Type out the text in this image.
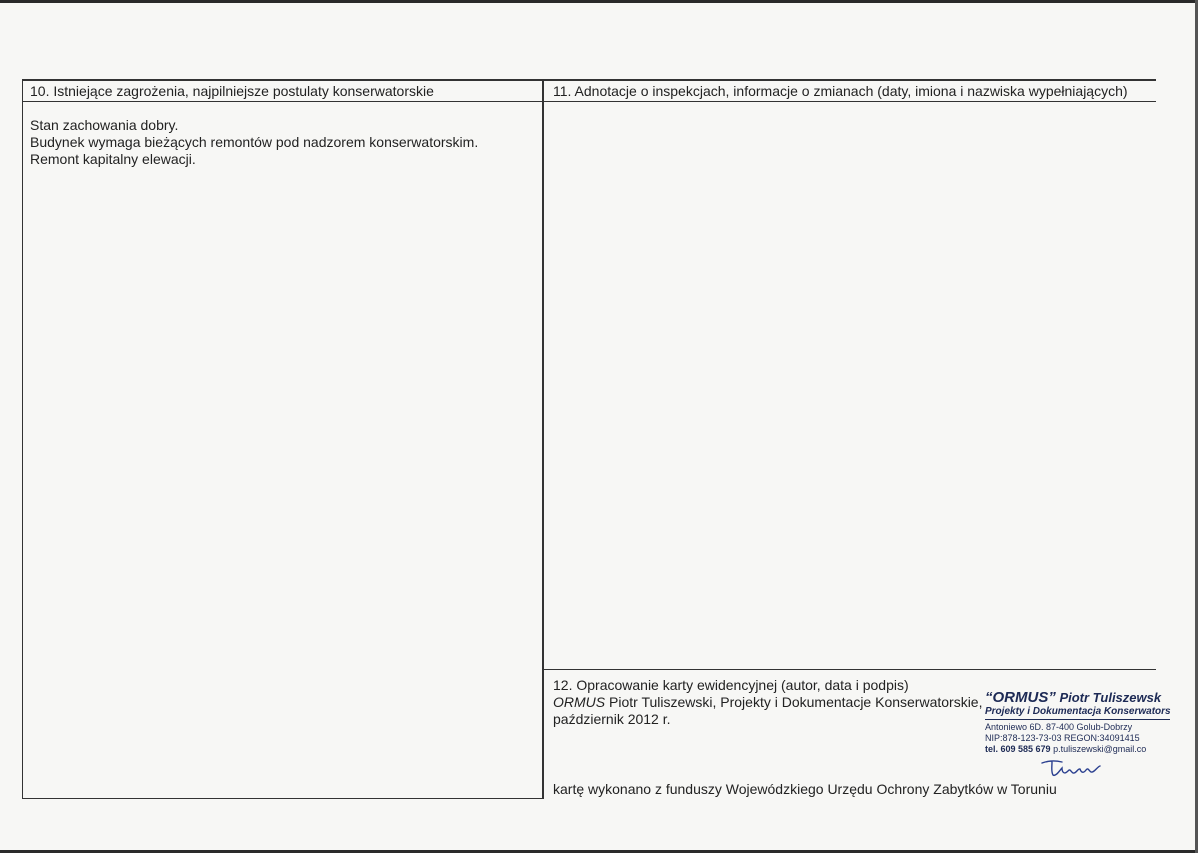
10. Istniejące zagrożenia, najpilniejsze postulaty konserwatorskie
Stan zachowania dobry.
Budynek wymaga bieżących remontów pod nadzorem konserwatorskim.
Remont kapitalny elewacji.
11. Adnotacje o inspekcjach, informacje o zmianach (daty, imiona i nazwiska wypełniających)
12. Opracowanie karty ewidencyjnej (autor, data i podpis)
ORMUS Piotr Tuliszewski, Projekty i Dokumentacje Konserwatorskie,
październik 2012 r.
kartę wykonano z funduszy Wojewódzkiego Urzędu Ochrony Zabytków w Toruniu
“ORMUS” Piotr Tuliszewsk
Projekty i Dokumentacja Konserwators
Antoniewo 6D. 87-400 Golub-Dobrzy
NIP:878-123-73-03 REGON:34091415
tel. 609 585 679 p.tuliszewski@gmail.co
